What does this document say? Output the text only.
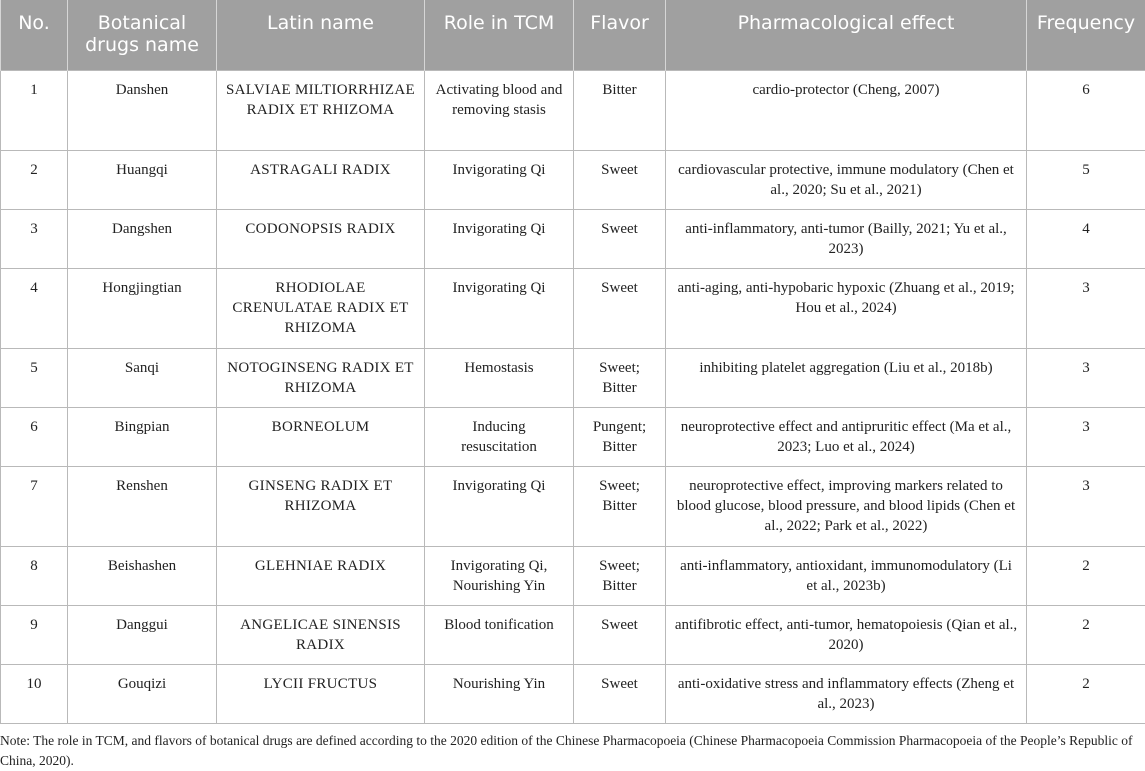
No.	Botanical drugs name	Latin name	Role in TCM	Flavor	Pharmacological effect	Frequency
1	Danshen	SALVIAE MILTIORRHIZAE RADIX ET RHIZOMA	Activating blood and removing stasis	Bitter	cardio-protector (Cheng, 2007)	6
2	Huangqi	ASTRAGALI RADIX	Invigorating Qi	Sweet	cardiovascular protective, immune modulatory (Chen et al., 2020; Su et al., 2021)	5
3	Dangshen	CODONOPSIS RADIX	Invigorating Qi	Sweet	anti-inflammatory, anti-tumor (Bailly, 2021; Yu et al., 2023)	4
4	Hongjingtian	RHODIOLAE CRENULATAE RADIX ET RHIZOMA	Invigorating Qi	Sweet	anti-aging, anti-hypobaric hypoxic (Zhuang et al., 2019; Hou et al., 2024)	3
5	Sanqi	NOTOGINSENG RADIX ET RHIZOMA	Hemostasis	Sweet; Bitter	inhibiting platelet aggregation (Liu et al., 2018b)	3
6	Bingpian	BORNEOLUM	Inducing resuscitation	Pungent; Bitter	neuroprotective effect and antipruritic effect (Ma et al., 2023; Luo et al., 2024)	3
7	Renshen	GINSENG RADIX ET RHIZOMA	Invigorating Qi	Sweet; Bitter	neuroprotective effect, improving markers related to blood glucose, blood pressure, and blood lipids (Chen et al., 2022; Park et al., 2022)	3
8	Beishashen	GLEHNIAE RADIX	Invigorating Qi, Nourishing Yin	Sweet; Bitter	anti-inflammatory, antioxidant, immunomodulatory (Li et al., 2023b)	2
9	Danggui	ANGELICAE SINENSIS RADIX	Blood tonification	Sweet	antifibrotic effect, anti-tumor, hematopoiesis (Qian et al., 2020)	2
10	Gouqizi	LYCII FRUCTUS	Nourishing Yin	Sweet	anti-oxidative stress and inflammatory effects (Zheng et al., 2023)	2
Note: The role in TCM, and flavors of botanical drugs are defined according to the 2020 edition of the Chinese Pharmacopoeia (Chinese Pharmacopoeia Commission Pharmacopoeia of the People’s Republic of China, 2020).
